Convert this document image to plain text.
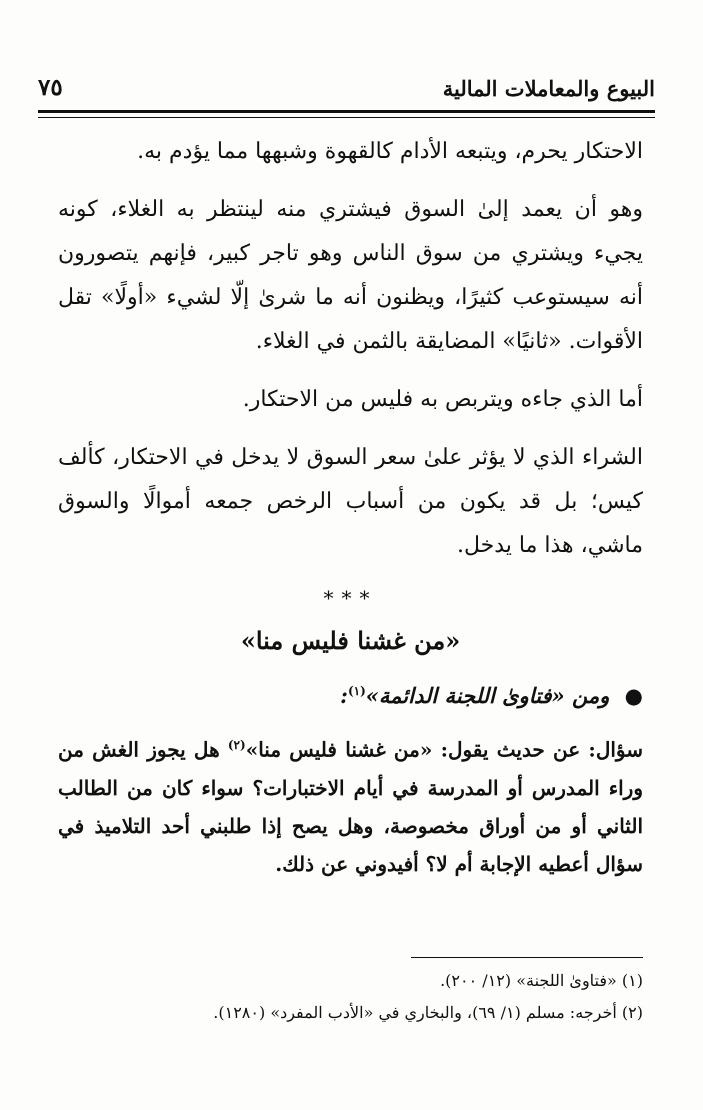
البيوع والمعاملات المالية
٧٥

الاحتكار يحرم، ويتبعه الأدام كالقهوة وشبهها مما يؤدم به.

وهو أن يعمد إلىٰ السوق فيشتري منه لينتظر به الغلاء، كونه يجيء ويشتري من سوق الناس وهو تاجر كبير، فإنهم يتصورون أنه سيستوعب كثيرًا، ويظنون أنه ما شرىٰ إلّا لشيء «أولًا» تقل الأقوات. «ثانيًا» المضايقة بالثمن في الغلاء.

أما الذي جاءه ويتربص به فليس من الاحتكار.

الشراء الذي لا يؤثر علىٰ سعر السوق لا يدخل في الاحتكار، كألف كيس؛ بل قد يكون من أسباب الرخص جمعه أموالًا والسوق ماشي، هذا ما يدخل.

***
«من غشنا فليس منا»
● ومن «فتاوىٰ اللجنة الدائمة»$^{(١)}$:
سؤال: عن حديث يقول: «من غشنا فليس منا»$^{(٢)}$ هل يجوز الغش من وراء المدرس أو المدرسة في أيام الاختبارات؟ سواء كان من الطالب الثاني أو من أوراق مخصوصة، وهل يصح إذا طلبني أحد التلاميذ في سؤال أعطيه الإجابة أم لا؟ أفيدوني عن ذلك.

(١) «فتاوىٰ اللجنة» (١٢/ ٢٠٠).

(٢) أخرجه: مسلم (١/ ٦٩)، والبخاري في «الأدب المفرد» (١٢٨٠).
